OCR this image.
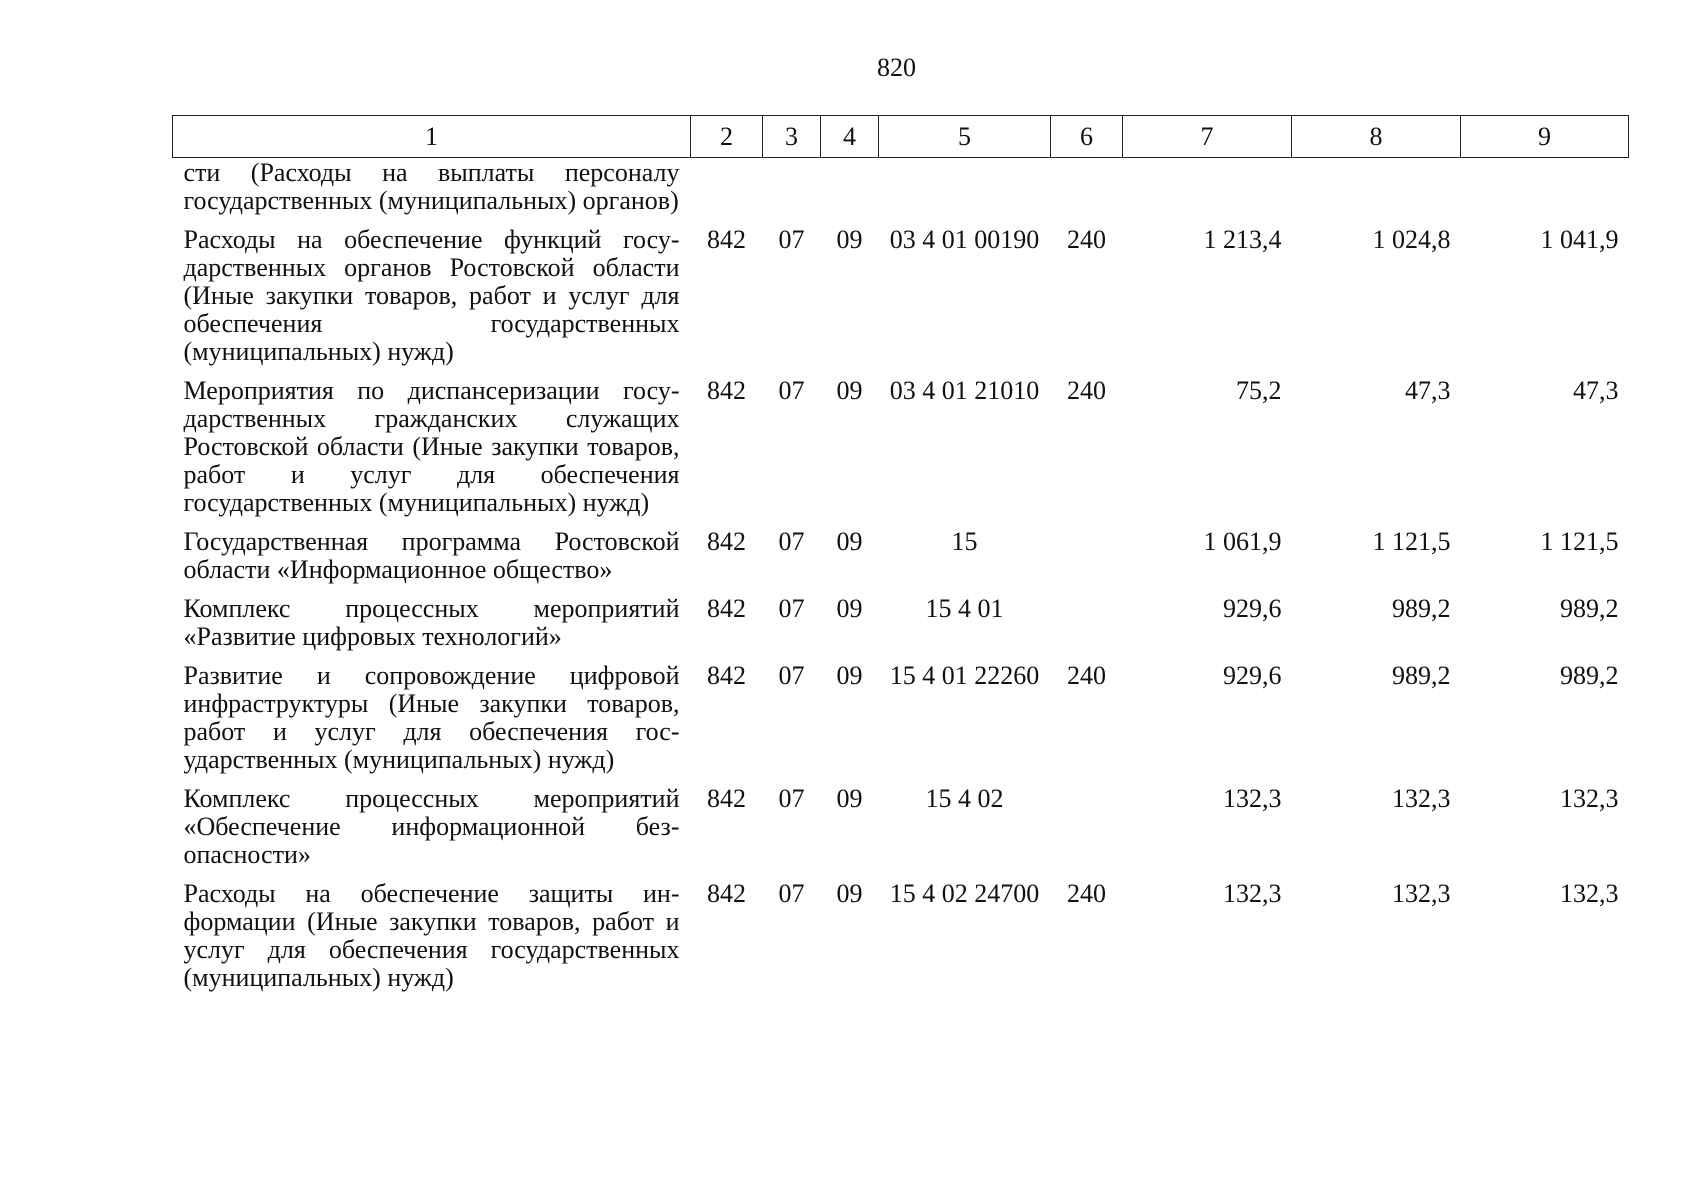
820
1	2	3	4	5	6	7	8	9
сти (Расходы на выплаты персоналу государственных (муниципальных) органов)								
Расходы на обеспечение функций государственных органов Ростовской области (Иные закупки товаров, работ и услуг для обеспечения государственных (муниципальных) нужд)	842	07	09	03 4 01 00190	240	1 213,4	1 024,8	1 041,9
Мероприятия по диспансеризации государственных гражданских служащих Ростовской области (Иные закупки товаров, работ и услуг для обеспечения государственных (муниципальных) нужд)	842	07	09	03 4 01 21010	240	75,2	47,3	47,3
Государственная программа Ростовской области «Информационное общество»	842	07	09	15		1 061,9	1 121,5	1 121,5
Комплекс процессных мероприятий «Развитие цифровых технологий»	842	07	09	15 4 01		929,6	989,2	989,2
Развитие и сопровождение цифровой инфраструктуры (Иные закупки товаров, работ и услуг для обеспечения государственных (муниципальных) нужд)	842	07	09	15 4 01 22260	240	929,6	989,2	989,2
Комплекс процессных мероприятий «Обеспечение информационной безопасности»	842	07	09	15 4 02		132,3	132,3	132,3
Расходы на обеспечение защиты информации (Иные закупки товаров, работ и услуг для обеспечения государственных (муниципальных) нужд)	842	07	09	15 4 02 24700	240	132,3	132,3	132,3
